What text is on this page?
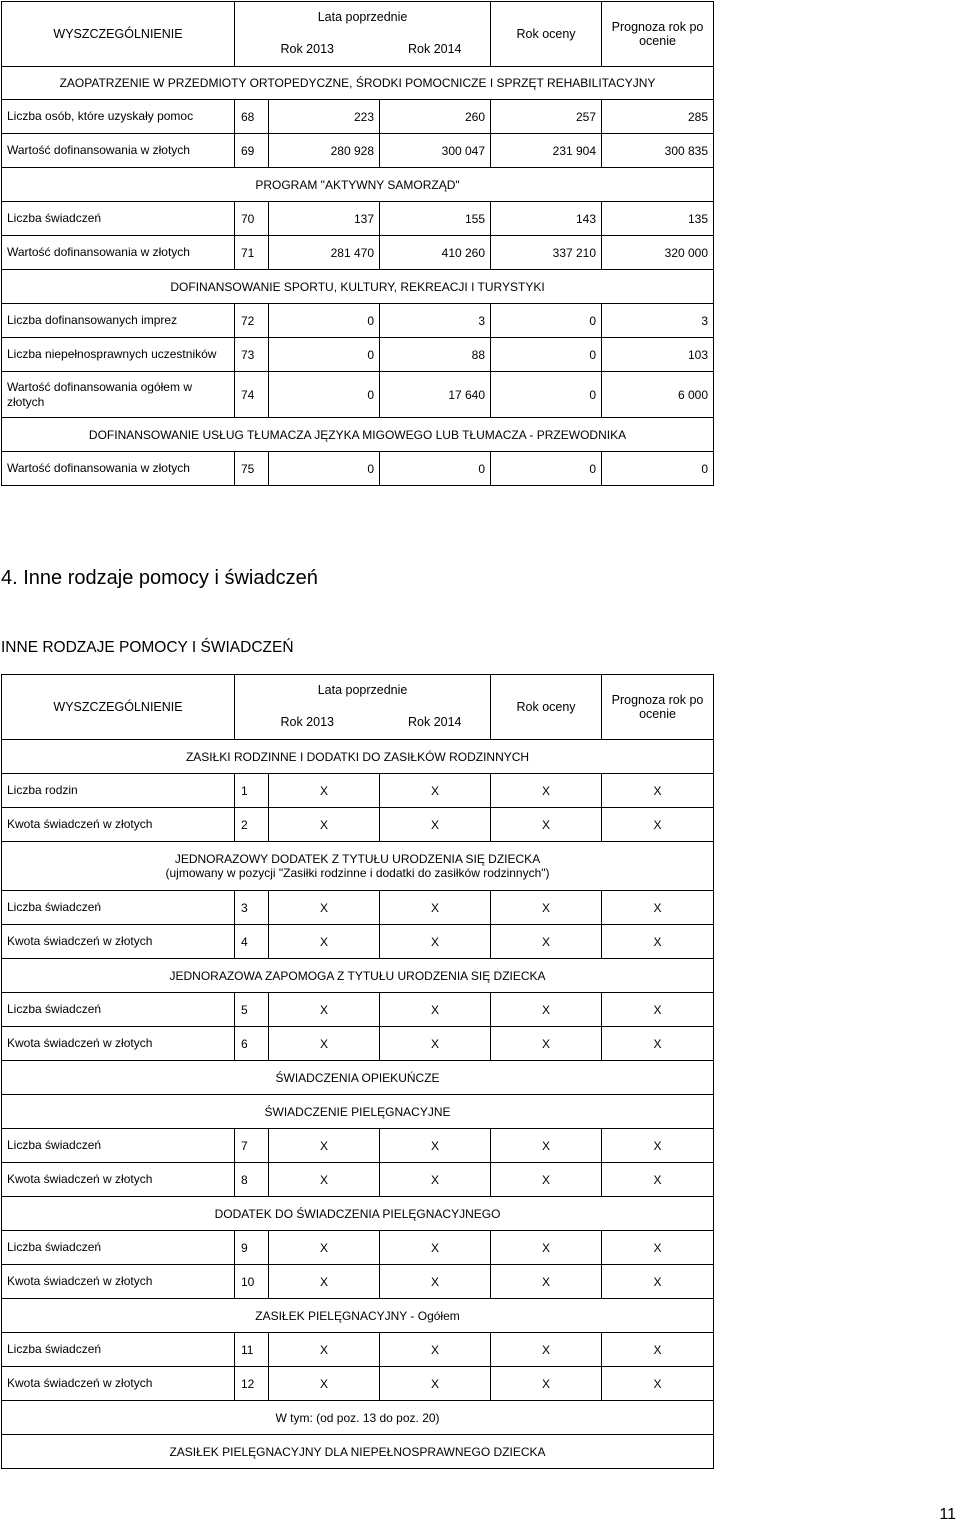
WYSZCZEGÓLNIENIE	Lata poprzednie			Rok oceny	Prognoza rok po ocenie
	Rok 2013		Rok 2014		
ZAOPATRZENIE W PRZEDMIOTY ORTOPEDYCZNE, ŚRODKI POMOCNICZE I SPRZĘT REHABILITACYJNY					
Liczba osób, które uzyskały pomoc	68	223	260	257	285
Wartość dofinansowania w złotych	69	280 928	300 047	231 904	300 835
PROGRAM "AKTYWNY SAMORZĄD"					
Liczba świadczeń	70	137	155	143	135
Wartość dofinansowania w złotych	71	281 470	410 260	337 210	320 000
DOFINANSOWANIE SPORTU, KULTURY, REKREACJI I TURYSTYKI					
Liczba dofinansowanych imprez	72	0	3	0	3
Liczba niepełnosprawnych uczestników	73	0	88	0	103
Wartość dofinansowania ogółem w złotych	74	0	17 640	0	6 000
DOFINANSOWANIE USŁUG TŁUMACZA JĘZYKA MIGOWEGO LUB TŁUMACZA - PRZEWODNIKA					
Wartość dofinansowania w złotych	75	0	0	0	0
4. Inne rodzaje pomocy i świadczeń
INNE RODZAJE POMOCY I ŚWIADCZEŃ
WYSZCZEGÓLNIENIE	Lata poprzednie			Rok oceny	Prognoza rok po ocenie
	Rok 2013		Rok 2014		
ZASIŁKI RODZINNE I DODATKI DO ZASIŁKÓW RODZINNYCH					
Liczba rodzin	1	X	X	X	X
Kwota świadczeń w złotych	2	X	X	X	X

JEDNORAZOWY DODATEK Z TYTUŁU URODZENIA SIĘ DZIECKA
(ujmowany w pozycji "Zasiłki rodzinne i dodatki do zasiłków rodzinnych")					

Liczba świadczeń	3	X	X	X	X
Kwota świadczeń w złotych	4	X	X	X	X
JEDNORAZOWA ZAPOMOGA Z TYTUŁU URODZENIA SIĘ DZIECKA					
Liczba świadczeń	5	X	X	X	X
Kwota świadczeń w złotych	6	X	X	X	X
ŚWIADCZENIA OPIEKUŃCZE					
ŚWIADCZENIE PIELĘGNACYJNE					
Liczba świadczeń	7	X	X	X	X
Kwota świadczeń w złotych	8	X	X	X	X
DODATEK DO ŚWIADCZENIA PIELĘGNACYJNEGO					
Liczba świadczeń	9	X	X	X	X
Kwota świadczeń w złotych	10	X	X	X	X
ZASIŁEK PIELĘGNACYJNY - Ogółem					
Liczba świadczeń	11	X	X	X	X
Kwota świadczeń w złotych	12	X	X	X	X
W tym: (od poz. 13 do poz. 20)					
ZASIŁEK PIELĘGNACYJNY DLA NIEPEŁNOSPRAWNEGO DZIECKA					
11
